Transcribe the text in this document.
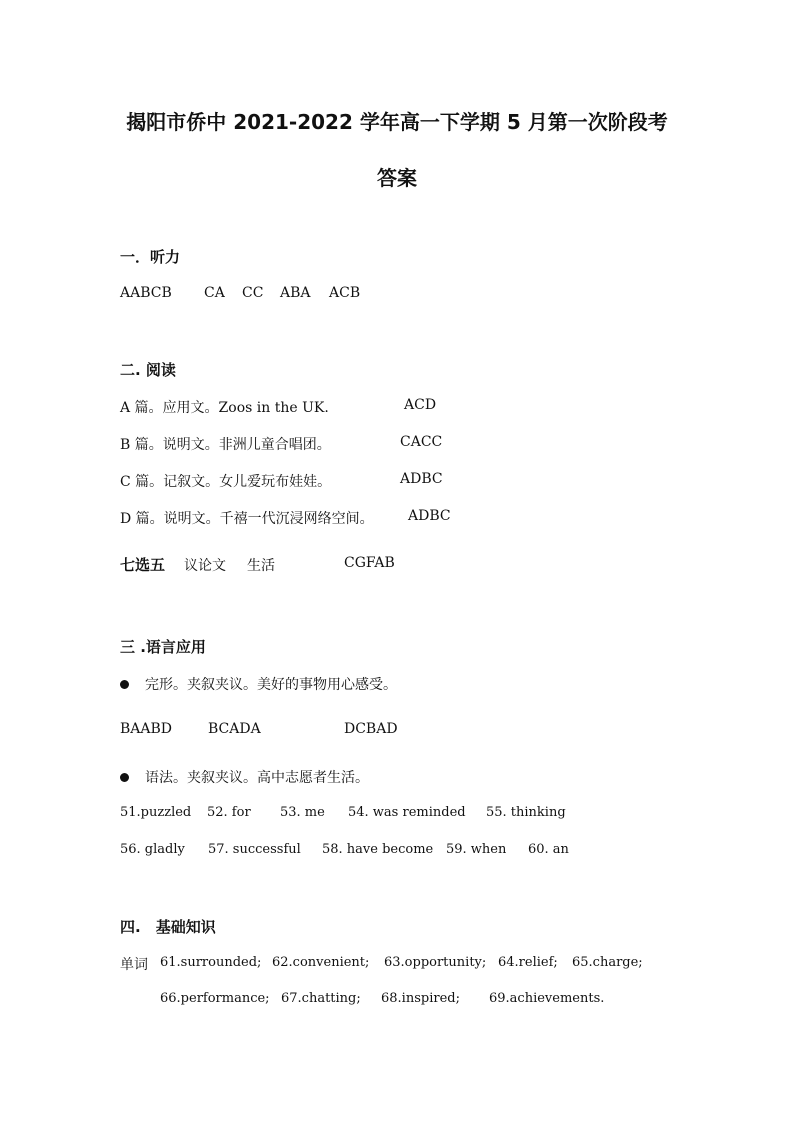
揭阳市侨中 2021-2022 学年高一下学期 5 月第一次阶段考
答案
一．听力
AABCB CA CC ABA ACB
二. 阅读
A 篇。应用文。Zoos in the UK.	ACD
B 篇。说明文。非洲儿童合唱团。	CACC
C 篇。记叙文。女儿爱玩布娃娃。	ADBC
D 篇。说明文。千禧一代沉浸网络空间。 ADBC
七选五 议论文 生活	CGFAB
三 .语言应用
完形。夹叙夹议。美好的事物用心感受。
BAABD	BCADA	DCBAD
语法。夹叙夹议。高中志愿者生活。
51.puzzled 52. for 53. me 54. was reminded 55. thinking
56. gladly 57. successful 58. have become 59. when 60. an
四.　基础知识
单词 61.surrounded; 62.convenient; 63.opportunity; 64.relief; 65.charge;
66.performance; 67.chatting; 68.inspired; 69.achievements.
